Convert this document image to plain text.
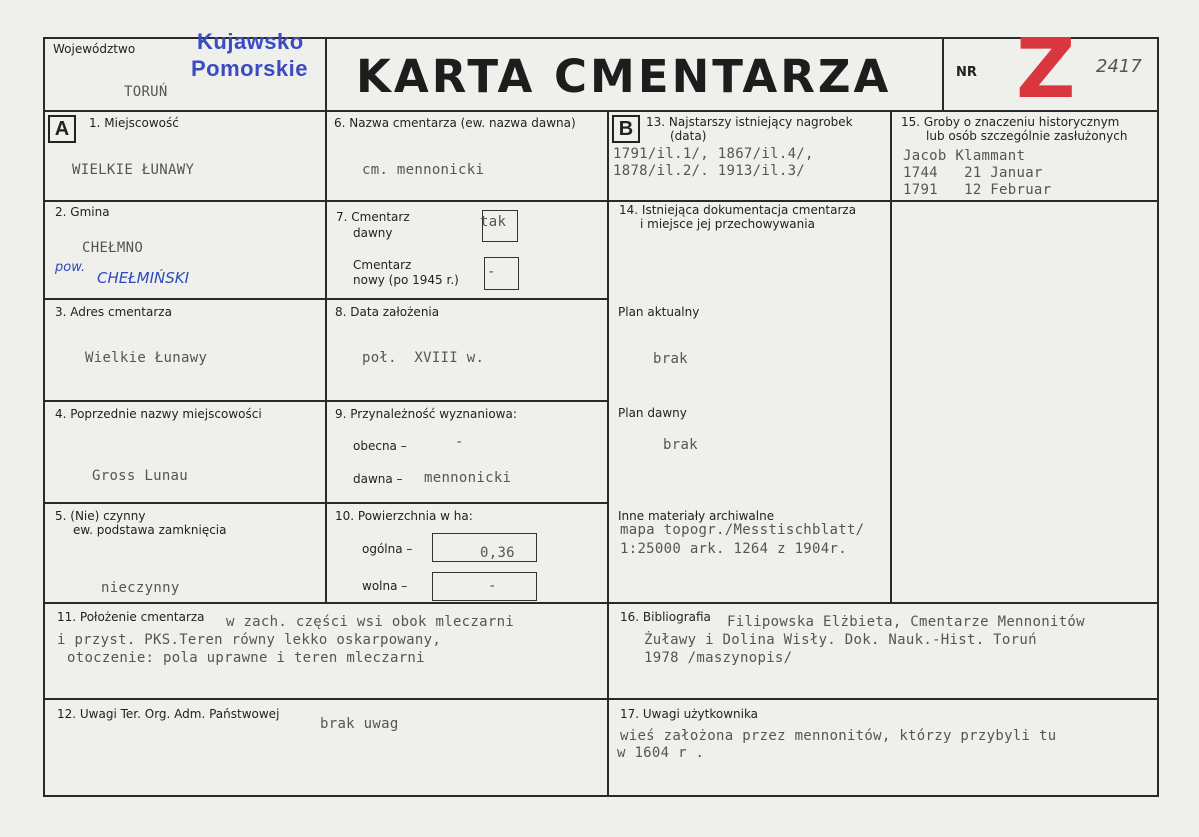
Województwo
TORUŃ
Kujawsko
Pomorskie KARTA CMENTARZA	NR Z 2417
A	1. Miejscowość
WIELKIE ŁUNAWY
2. Gmina
CHEŁMNO
pow.
CHEŁMIŃSKI
3. Adres cmentarza
Wielkie Łunawy
4. Poprzednie nazwy miejscowości
Gross Lunau
5. (Nie) czynny
ew. podstawa zamknięcia
nieczynny
6. Nazwa cmentarza (ew. nazwa dawna)
cm. mennonicki
7. Cmentarz
dawny
tak
Cmentarz
nowy (po 1945 r.) -
8. Data założenia
poł.  XVIII w.
9. Przynależność wyznaniowa:
obecna –	-
dawna – mennonicki
10. Powierzchnia w ha:
ogólna –	0,36
wolna –	-
B	13. Najstarszy istniejący nagrobek
(data)
1791/il.1/, 1867/il.4/,
1878/il.2/. 1913/il.3/
14. Istniejąca dokumentacja cmentarza
i miejsce jej przechowywania
Plan aktualny
brak
Plan dawny
brak
Inne materiały archiwalne
mapa topogr./Messtischblatt/
1:25000 ark. 1264 z 1904r.
15. Groby o znaczeniu historycznym
lub osób szczególnie zasłużonych
Jacob Klammant
1744   21 Januar
1791   12 Februar
11. Położenie cmentarza w zach. części wsi obok mleczarni
i przyst. PKS.Teren równy lekko oskarpowany,
otoczenie: pola uprawne i teren mleczarni
16. Bibliografia Filipowska Elżbieta, Cmentarze Mennonitów
Żuławy i Dolina Wisły. Dok. Nauk.-Hist. Toruń
1978 /maszynopis/
12. Uwagi Ter. Org. Adm. Państwowej
brak uwag
17. Uwagi użytkownika
wieś założona przez mennonitów, którzy przybyli tu
w 1604 r .
